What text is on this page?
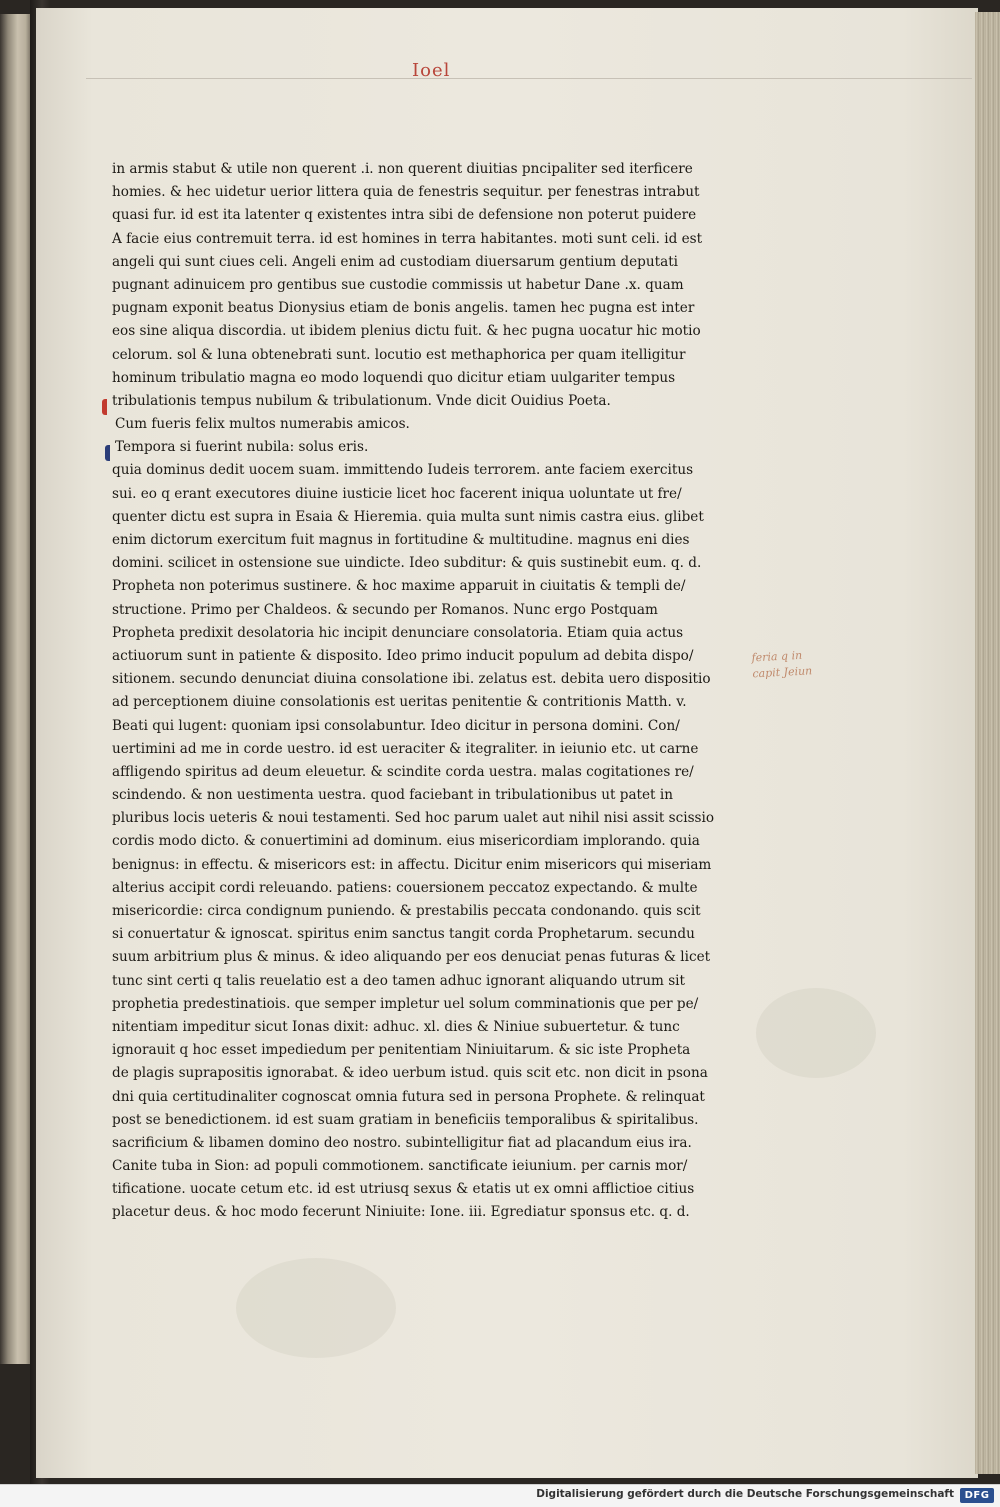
Ioel
in armis stabut & utile non querent .i. non querent diuitias pncipaliter sed iterficere
homies. & hec uidetur uerior littera quia de fenestris sequitur. per fenestras intrabut
quasi fur. id est ita latenter q existentes intra sibi de defensione non poterut puidere
A facie eius contremuit terra. id est homines in terra habitantes. moti sunt celi. id est
angeli qui sunt ciues celi. Angeli enim ad custodiam diuersarum gentium deputati
pugnant adinuicem pro gentibus sue custodie commissis ut habetur Dane .x. quam
pugnam exponit beatus Dionysius etiam de bonis angelis. tamen hec pugna est inter
eos sine aliqua discordia. ut ibidem plenius dictu fuit. & hec pugna uocatur hic motio
celorum. sol & luna obtenebrati sunt. locutio est methaphorica per quam itelligitur
hominum tribulatio magna eo modo loquendi quo dicitur etiam uulgariter tempus
tribulationis tempus nubilum & tribulationum. Vnde dicit Ouidius Poeta.
Cum fueris felix multos numerabis amicos.
Tempora si fuerint nubila: solus eris.
quia dominus dedit uocem suam. immittendo Iudeis terrorem. ante faciem exercitus
sui. eo q erant executores diuine iusticie licet hoc facerent iniqua uoluntate ut fre/
quenter dictu est supra in Esaia & Hieremia. quia multa sunt nimis castra eius. glibet
enim dictorum exercitum fuit magnus in fortitudine & multitudine. magnus eni dies
domini. scilicet in ostensione sue uindicte. Ideo subditur: & quis sustinebit eum. q. d.
Propheta non poterimus sustinere. & hoc maxime apparuit in ciuitatis & templi de/
structione. Primo per Chaldeos. & secundo per Romanos. Nunc ergo Postquam
Propheta predixit desolatoria hic incipit denunciare consolatoria. Etiam quia actus
actiuorum sunt in patiente & disposito. Ideo primo inducit populum ad debita dispo/
sitionem. secundo denunciat diuina consolatione ibi. zelatus est. debita uero dispositio
ad perceptionem diuine consolationis est ueritas penitentie & contritionis Matth. v.
Beati qui lugent: quoniam ipsi consolabuntur. Ideo dicitur in persona domini. Con/
uertimini ad me in corde uestro. id est ueraciter & itegraliter. in ieiunio etc. ut carne
affligendo spiritus ad deum eleuetur. & scindite corda uestra. malas cogitationes re/
scindendo. & non uestimenta uestra. quod faciebant in tribulationibus ut patet in
pluribus locis ueteris & noui testamenti. Sed hoc parum ualet aut nihil nisi assit scissio
cordis modo dicto. & conuertimini ad dominum. eius misericordiam implorando. quia
benignus: in effectu. & misericors est: in affectu. Dicitur enim misericors qui miseriam
alterius accipit cordi releuando. patiens: couersionem peccatoz expectando. & multe
misericordie: circa condignum puniendo. & prestabilis peccata condonando. quis scit
si conuertatur & ignoscat. spiritus enim sanctus tangit corda Prophetarum. secundu
suum arbitrium plus & minus. & ideo aliquando per eos denuciat penas futuras & licet
tunc sint certi q talis reuelatio est a deo tamen adhuc ignorant aliquando utrum sit
prophetia predestinatiois. que semper impletur uel solum comminationis que per pe/
nitentiam impeditur sicut Ionas dixit: adhuc. xl. dies & Niniue subuertetur. & tunc
ignorauit q hoc esset impediedum per penitentiam Niniuitarum. & sic iste Propheta
de plagis suprapositis ignorabat. & ideo uerbum istud. quis scit etc. non dicit in psona
dni quia certitudinaliter cognoscat omnia futura sed in persona Prophete. & relinquat
post se benedictionem. id est suam gratiam in beneficiis temporalibus & spiritalibus.
sacrificium & libamen domino deo nostro. subintelligitur fiat ad placandum eius ira.
Canite tuba in Sion: ad populi commotionem. sanctificate ieiunium. per carnis mor/
tificatione. uocate cetum etc. id est utriusq sexus & etatis ut ex omni afflictioe citius
placetur deus. & hoc modo fecerunt Niniuite: Ione. iii. Egrediatur sponsus etc. q. d.
feria q in
capit Jeiun
Digitalisierung gefördert durch die Deutsche Forschungsgemeinschaft	DFG
